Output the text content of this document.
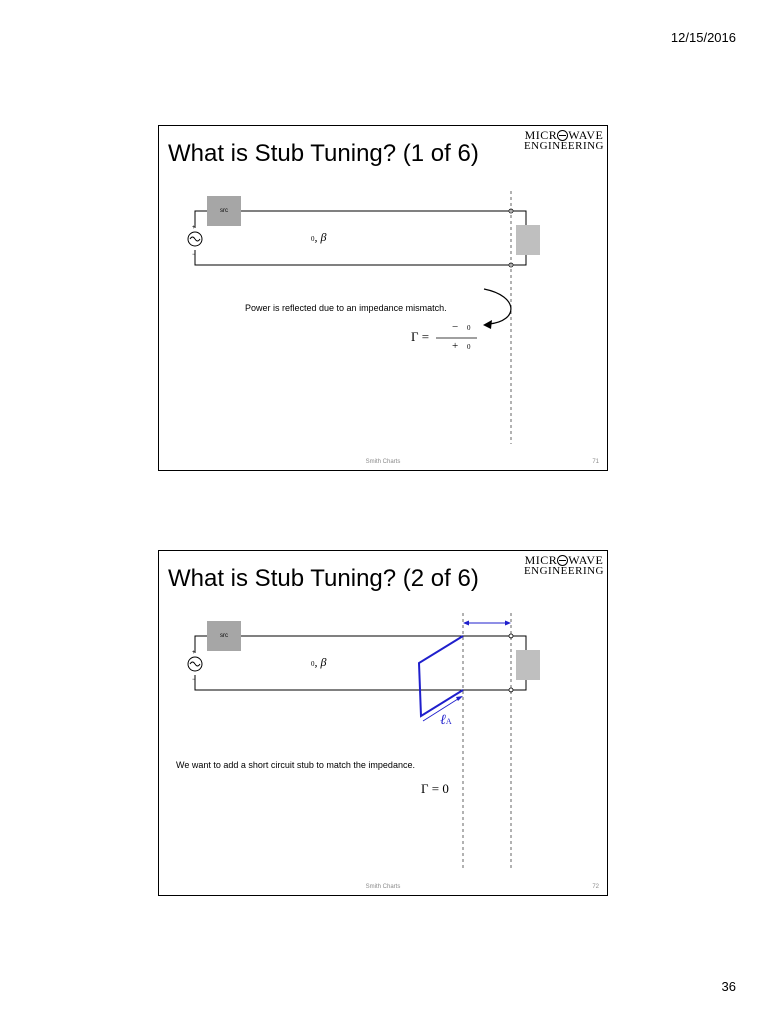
12/15/2016
What is Stub Tuning? (1 of 6)
MICR WAVE
ENGINEERING
+
−
src
0, β
Power is reflected due to an impedance mismatch.
Γ =
− 0
+ 0
Smith Charts	71
What is Stub Tuning? (2 of 6)
MICR WAVE
ENGINEERING
+
−
src
0, β
ℓA
We want to add a short circuit stub to match the impedance.
Γ = 0
Smith Charts	72
36
